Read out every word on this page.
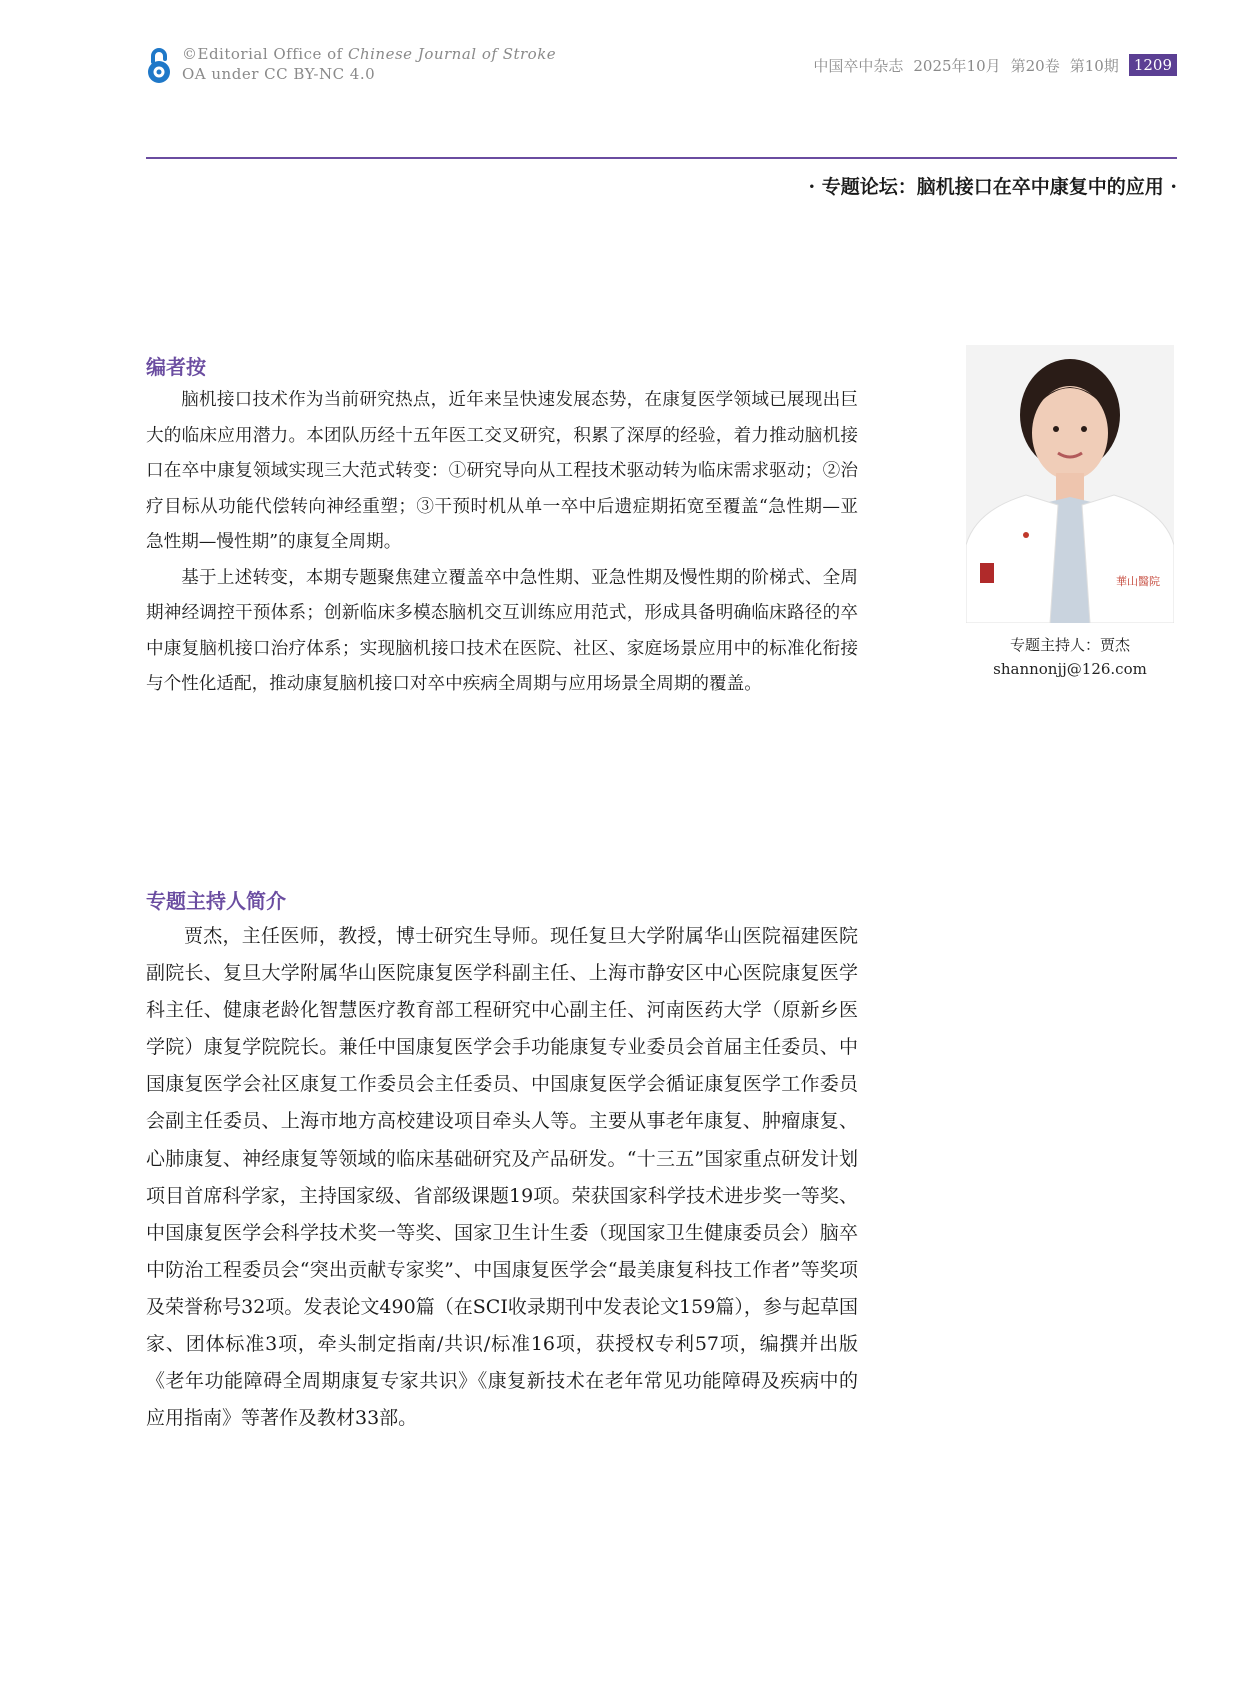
©Editorial Office of Chinese Journal of Stroke
OA under CC BY-NC 4.0	中国卒中杂志 2025年10月 第20卷 第10期	1209
· 专题论坛：脑机接口在卒中康复中的应用 ·
编者按

脑机接口技术作为当前研究热点，近年来呈快速发展态势，在康复医学领域已展现出巨大的临床应用潜力。本团队历经十五年医工交叉研究，积累了深厚的经验，着力推动脑机接口在卒中康复领域实现三大范式转变：①研究导向从工程技术驱动转为临床需求驱动；②治疗目标从功能代偿转向神经重塑；③干预时机从单一卒中后遗症期拓宽至覆盖“急性期—亚急性期—慢性期”的康复全周期。

基于上述转变，本期专题聚焦建立覆盖卒中急性期、亚急性期及慢性期的阶梯式、全周期神经调控干预体系；创新临床多模态脑机交互训练应用范式，形成具备明确临床路径的卒中康复脑机接口治疗体系；实现脑机接口技术在医院、社区、家庭场景应用中的标准化衔接与个性化适配，推动康复脑机接口对卒中疾病全周期与应用场景全周期的覆盖。

華山醫院
专题主持人：贾杰
shannonjj@126.com
专题主持人简介

贾杰，主任医师，教授，博士研究生导师。现任复旦大学附属华山医院福建医院副院长、复旦大学附属华山医院康复医学科副主任、上海市静安区中心医院康复医学科主任、健康老龄化智慧医疗教育部工程研究中心副主任、河南医药大学（原新乡医学院）康复学院院长。兼任中国康复医学会手功能康复专业委员会首届主任委员、中国康复医学会社区康复工作委员会主任委员、中国康复医学会循证康复医学工作委员会副主任委员、上海市地方高校建设项目牵头人等。主要从事老年康复、肿瘤康复、心肺康复、神经康复等领域的临床基础研究及产品研发。“十三五”国家重点研发计划项目首席科学家，主持国家级、省部级课题19项。荣获国家科学技术进步奖一等奖、中国康复医学会科学技术奖一等奖、国家卫生计生委（现国家卫生健康委员会）脑卒中防治工程委员会“突出贡献专家奖”、中国康复医学会“最美康复科技工作者”等奖项及荣誉称号32项。发表论文490篇（在SCI收录期刊中发表论文159篇），参与起草国家、团体标准3项，牵头制定指南/共识/标准16项，获授权专利57项，编撰并出版《老年功能障碍全周期康复专家共识》《康复新技术在老年常见功能障碍及疾病中的应用指南》等著作及教材33部。
